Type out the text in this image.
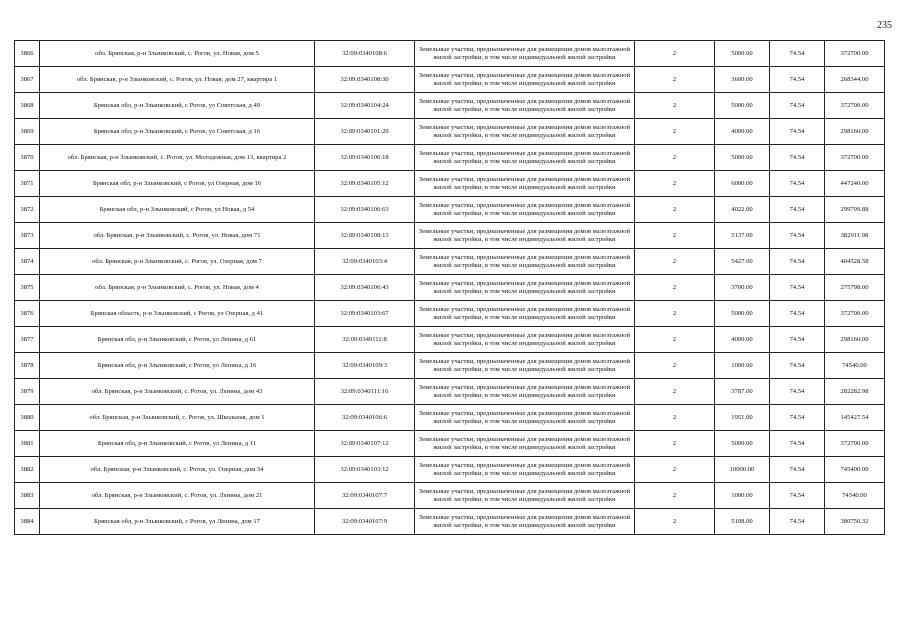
235
3866	обл. Брянская, р-н Злынковский, с. Рогов, ул. Новая, дом 5	32:09:0340108:6	Земельные участки, предназначенные для размещения домов малоэтажной жилой застройки, в том числе индивидуальной жилой застройки	2	5000.00	74.54	372700.00
3867	обл. Брянская, р-н Злынковский, с. Рогов, ул. Новая, дом 27, квартира 1	32:09:0340108:30	Земельные участки, предназначенные для размещения домов малоэтажной жилой застройки, в том числе индивидуальной жилой застройки	2	3600.00	74.54	268344.00
3868	Брянская обл, р-н Злынковский, с Рогов, ул Советская, д 49	32:09:0340104:24	Земельные участки, предназначенные для размещения домов малоэтажной жилой застройки, в том числе индивидуальной жилой застройки	2	5000.00	74.54	372700.00
3869	Брянская обл, р-н Злынковский, с Рогов, ул Советская, д 16	32:09:0340101:20	Земельные участки, предназначенные для размещения домов малоэтажной жилой застройки, в том числе индивидуальной жилой застройки	2	4000.00	74.54	298160.00
3870	обл. Брянская, р-н Злынковский, с. Рогов, ул. Молодежная, дом 13, квартира 2	32:09:0340106:18	Земельные участки, предназначенные для размещения домов малоэтажной жилой застройки, в том числе индивидуальной жилой застройки	2	5000.00	74.54	372700.00
3871	Брянская обл, р-н Злынковский, с Рогов, ул Озерная, дом 16	32:09:0340105:12	Земельные участки, предназначенные для размещения домов малоэтажной жилой застройки, в том числе индивидуальной жилой застройки	2	6000.00	74.54	447240.00
3872	Брянская обл, р-н Злынковский, с Рогов, ул Новая, д 54	32:09:0340106:63	Земельные участки, предназначенные для размещения домов малоэтажной жилой застройки, в том числе индивидуальной жилой застройки	2	4022.00	74.54	299799.88
3873	обл. Брянская, р-н Злынковский, с. Рогов, ул. Новая, дом 71	32:09:0340108:13	Земельные участки, предназначенные для размещения домов малоэтажной жилой застройки, в том числе индивидуальной жилой застройки	2	5137.00	74.54	382911.98
3874	обл. Брянская, р-н Злынковский, с. Рогов, ул. Озерная, дом 7	32:09:0340103:4	Земельные участки, предназначенные для размещения домов малоэтажной жилой застройки, в том числе индивидуальной жилой застройки	2	5427.00	74.54	404528.58
3875	обл. Брянская, р-н Злынковский, с. Рогов, ул. Новая, дом 4	32:09:0340106:43	Земельные участки, предназначенные для размещения домов малоэтажной жилой застройки, в том числе индивидуальной жилой застройки	2	3700.00	74.54	275798.00
3876	Брянская область, р-н Злынковский, с Рогов, ул Озерная, д 41	32:09:0340103:67	Земельные участки, предназначенные для размещения домов малоэтажной жилой застройки, в том числе индивидуальной жилой застройки	2	5000.00	74.54	372700.00
3877	Брянская обл, р-н Злынковский, с Рогов, ул Ленина, д 61	32:09:0340111:8	Земельные участки, предназначенные для размещения домов малоэтажной жилой застройки, в том числе индивидуальной жилой застройки	2	4000.00	74.54	298160.00
3878	Брянская обл, р-н Злынковский, с Рогов, ул Ленина, д 16	32:09:0340109:3	Земельные участки, предназначенные для размещения домов малоэтажной жилой застройки, в том числе индивидуальной жилой застройки	2	1000.00	74.54	74540.00
3879	обл. Брянская, р-н Злынковский, с. Рогов, ул. Ленина, дом 43	32:09:0340111:16	Земельные участки, предназначенные для размещения домов малоэтажной жилой застройки, в том числе индивидуальной жилой застройки	2	3787.00	74.54	282282.98
3880	обл. Брянская, р-н Злынковский, с. Рогов, ул. Школьная, дом 1	32:09:0340106:6	Земельные участки, предназначенные для размещения домов малоэтажной жилой застройки, в том числе индивидуальной жилой застройки	2	1951.00	74.54	145427.54
3881	Брянская обл, р-н Злынковский, с Рогов, ул Ленина, д 11	32:09:0340107:12	Земельные участки, предназначенные для размещения домов малоэтажной жилой застройки, в том числе индивидуальной жилой застройки	2	5000.00	74.54	372700.00
3882	обл. Брянская, р-н Злынковский, с. Рогов, ул. Озерная, дом 34	32:09:0340103:12	Земельные участки, предназначенные для размещения домов малоэтажной жилой застройки, в том числе индивидуальной жилой застройки	2	10000.00	74.54	745400.00
3883	обл. Брянская, р-н Злынковский, с. Рогов, ул. Ленина, дом 21	32:09:0340107:7	Земельные участки, предназначенные для размещения домов малоэтажной жилой застройки, в том числе индивидуальной жилой застройки	2	1000.00	74.54	74540.00
3884	Брянская обл, р-н Злынковский, с Рогов, ул Ленина, дом 17	32:09:0340107:9	Земельные участки, предназначенные для размещения домов малоэтажной жилой застройки, в том числе индивидуальной жилой застройки	2	5108.00	74.54	380750.32
